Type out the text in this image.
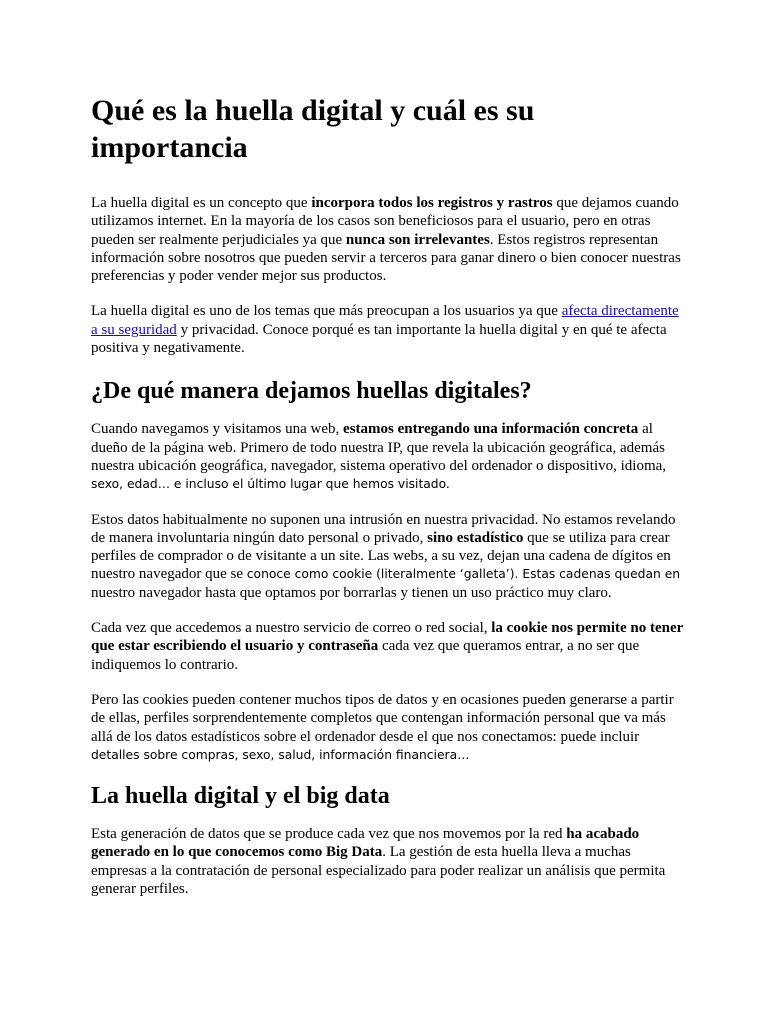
Qué es la huella digital y cuál es su importancia

La huella digital es un concepto que incorpora todos los registros y rastros que dejamos cuando utilizamos internet. En la mayoría de los casos son beneficiosos para el usuario, pero en otras pueden ser realmente perjudiciales ya que nunca son irrelevantes. Estos registros representan información sobre nosotros que pueden servir a terceros para ganar dinero o bien conocer nuestras preferencias y poder vender mejor sus productos.

La huella digital es uno de los temas que más preocupan a los usuarios ya que afecta directamente a su seguridad y privacidad. Conoce porqué es tan importante la huella digital y en qué te afecta positiva y negativamente.

¿De qué manera dejamos huellas digitales?

Cuando navegamos y visitamos una web, estamos entregando una información concreta al dueño de la página web. Primero de todo nuestra IP, que revela la ubicación geográfica, además nuestra ubicación geográfica, navegador, sistema operativo del ordenador o dispositivo, idioma, sexo, edad… e incluso el último lugar que hemos visitado.

Estos datos habitualmente no suponen una intrusión en nuestra privacidad. No estamos revelando de manera involuntaria ningún dato personal o privado, sino estadístico que se utiliza para crear perfiles de comprador o de visitante a un site. Las webs, a su vez, dejan una cadena de dígitos en nuestro navegador que se conoce como cookie (literalmente ‘galleta’). Estas cadenas quedan en nuestro navegador hasta que optamos por borrarlas y tienen un uso práctico muy claro.

Cada vez que accedemos a nuestro servicio de correo o red social, la cookie nos permite no tener que estar escribiendo el usuario y contraseña cada vez que queramos entrar, a no ser que indiquemos lo contrario.

Pero las cookies pueden contener muchos tipos de datos y en ocasiones pueden generarse a partir de ellas, perfiles sorprendentemente completos que contengan información personal que va más allá de los datos estadísticos sobre el ordenador desde el que nos conectamos: puede incluir detalles sobre compras, sexo, salud, información financiera…

La huella digital y el big data

Esta generación de datos que se produce cada vez que nos movemos por la red ha acabado generado en lo que conocemos como Big Data. La gestión de esta huella lleva a muchas empresas a la contratación de personal especializado para poder realizar un análisis que permita generar perfiles.
